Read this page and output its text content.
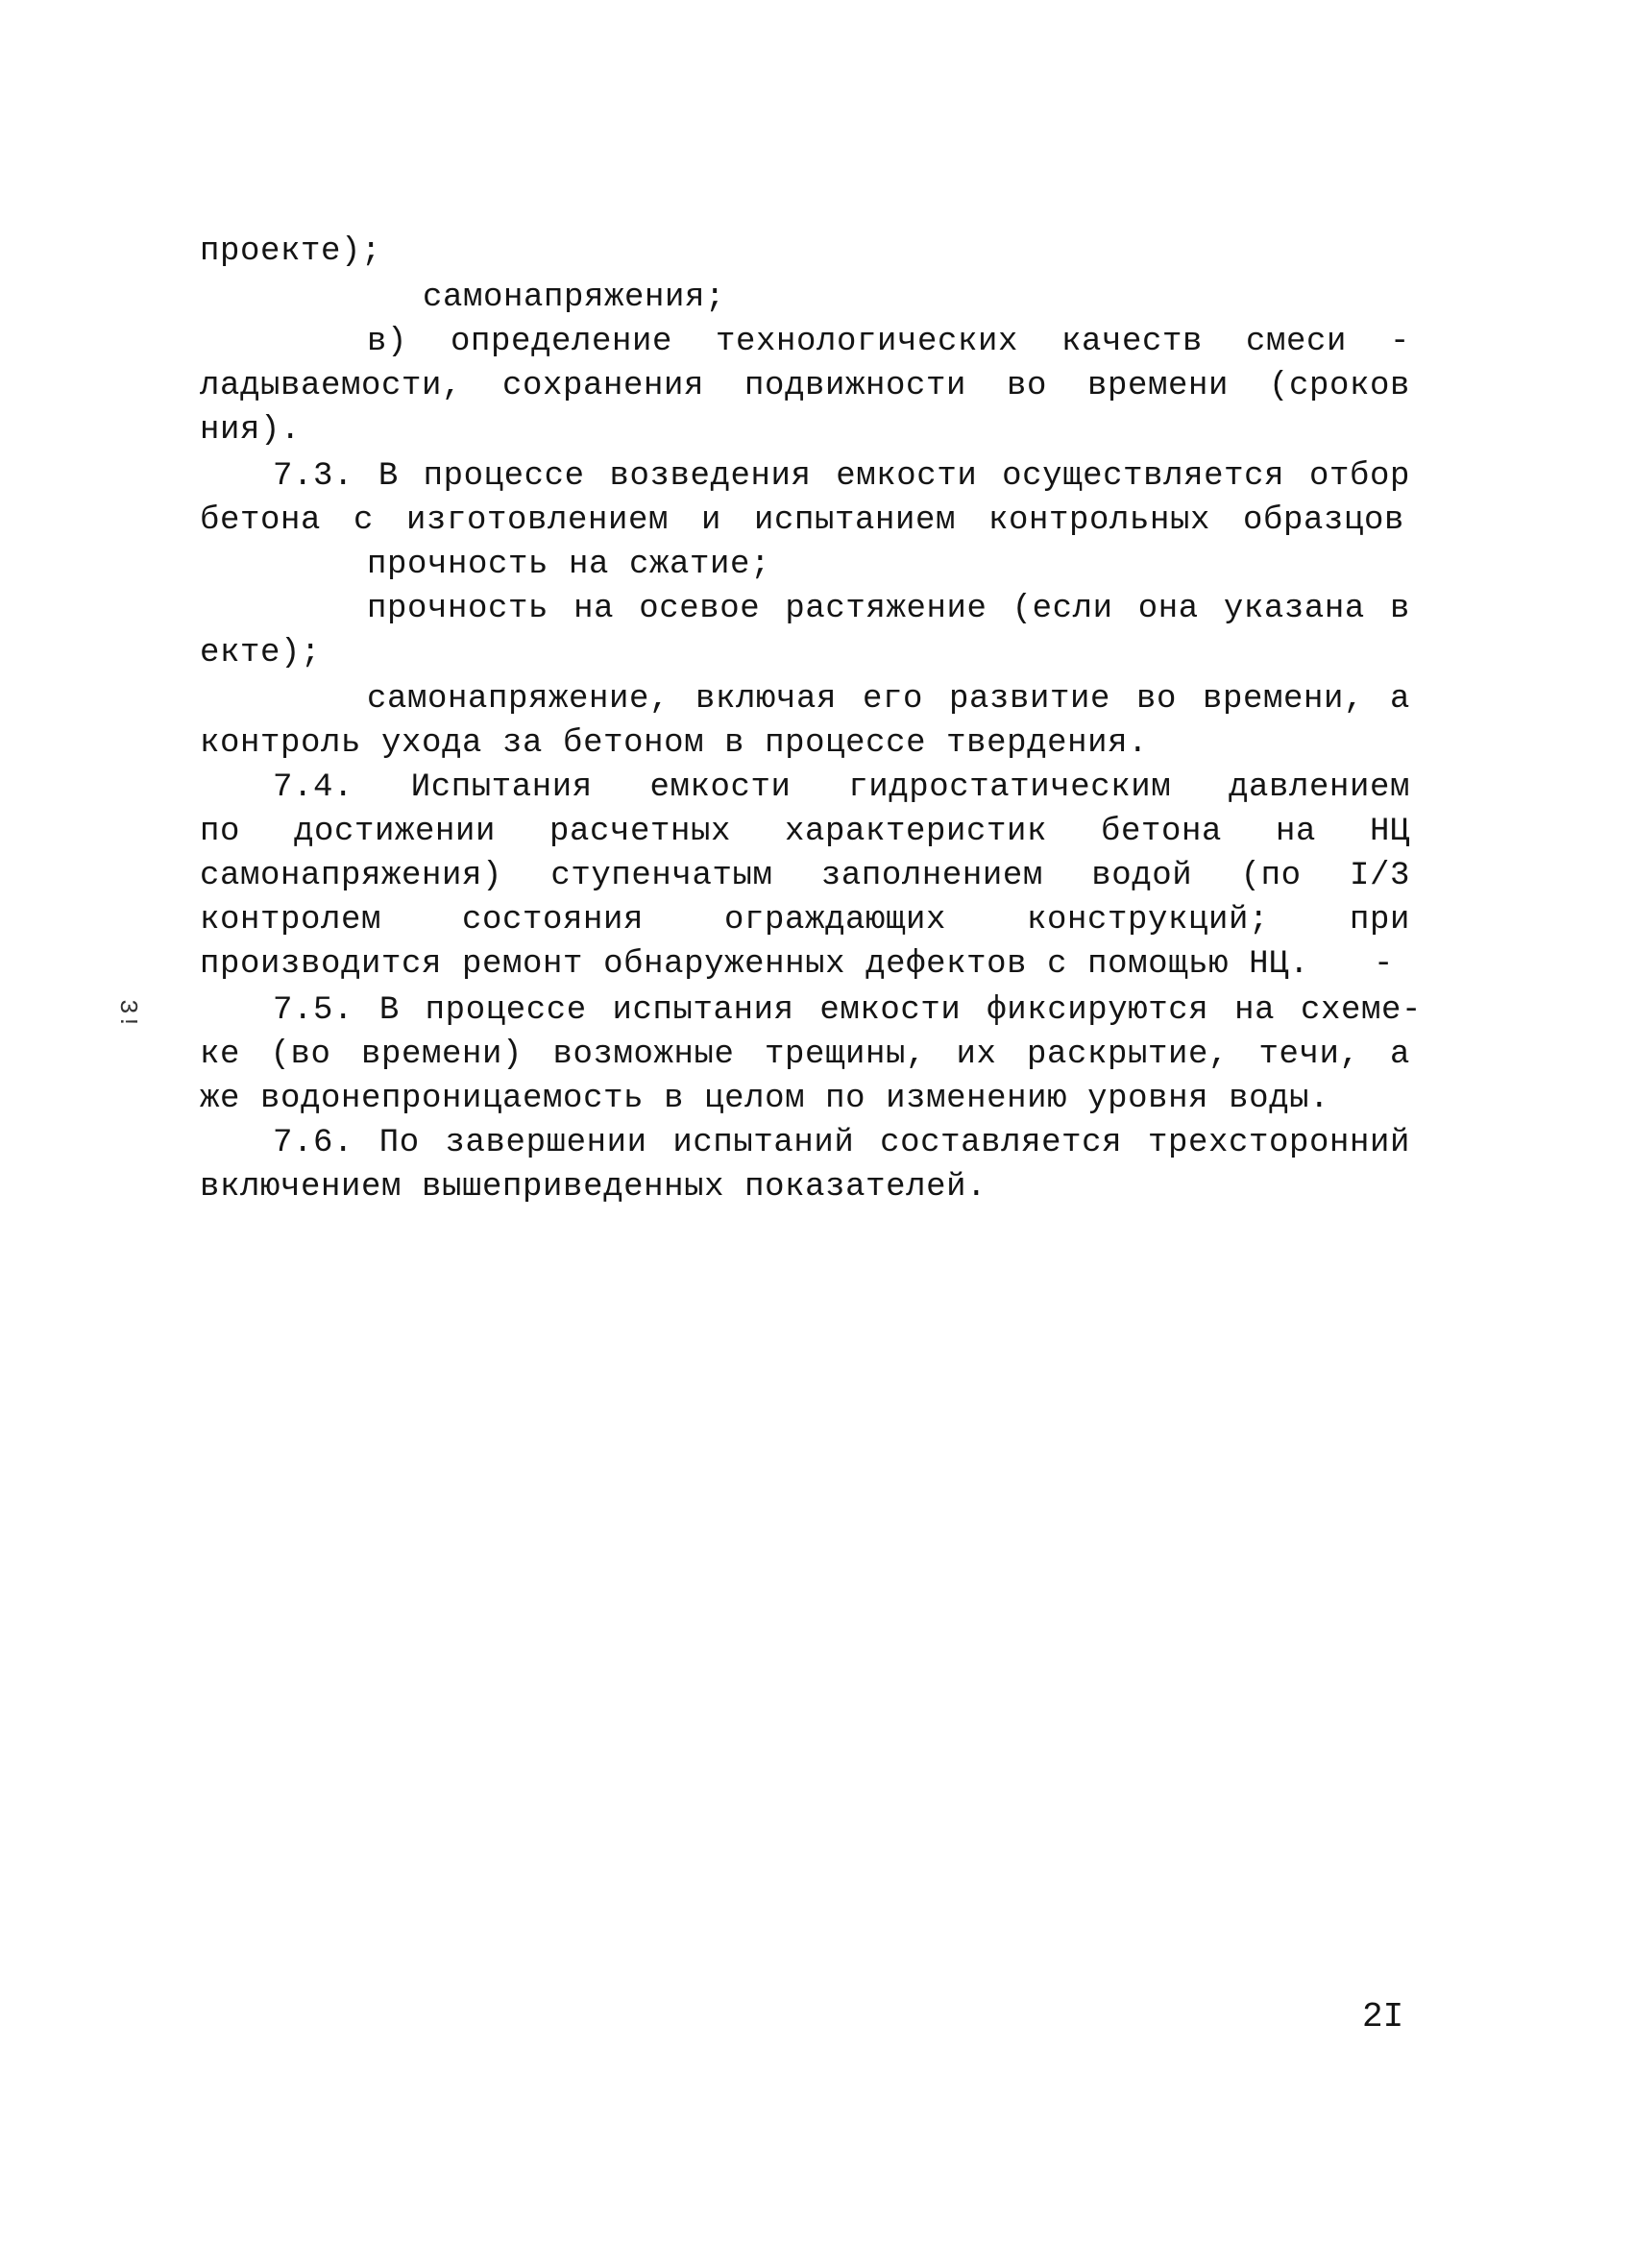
проекте);
самонапряжения;
в) определение технологических качеств смеси -
ладываемости, сохранения подвижности во времени (сроков
ния).
7.3. В процессе возведения емкости осуществляется отбор
бетона с изготовлением и испытанием контрольных образцов
прочность на сжатие;
прочность на осевое растяжение (если она указана в
екте);
самонапряжение, включая его развитие во времени, а
контроль ухода за бетоном в процессе твердения.
7.4. Испытания емкости гидростатическим давлением
по достижении расчетных характеристик бетона на НЦ
самонапряжения) ступенчатым заполнением водой (по I/3
контролем состояния ограждающих конструкций; при
производится ремонт обнаруженных дефектов с помощью НЦ. -
7.5. В процессе испытания емкости фиксируются на схеме-
ке (во времени) возможные трещины, их раскрытие, течи, а
же водонепроницаемость в целом по изменению уровня воды.
7.6. По завершении испытаний составляется трехсторонний
включением вышеприведенных показателей.
3!
2I
